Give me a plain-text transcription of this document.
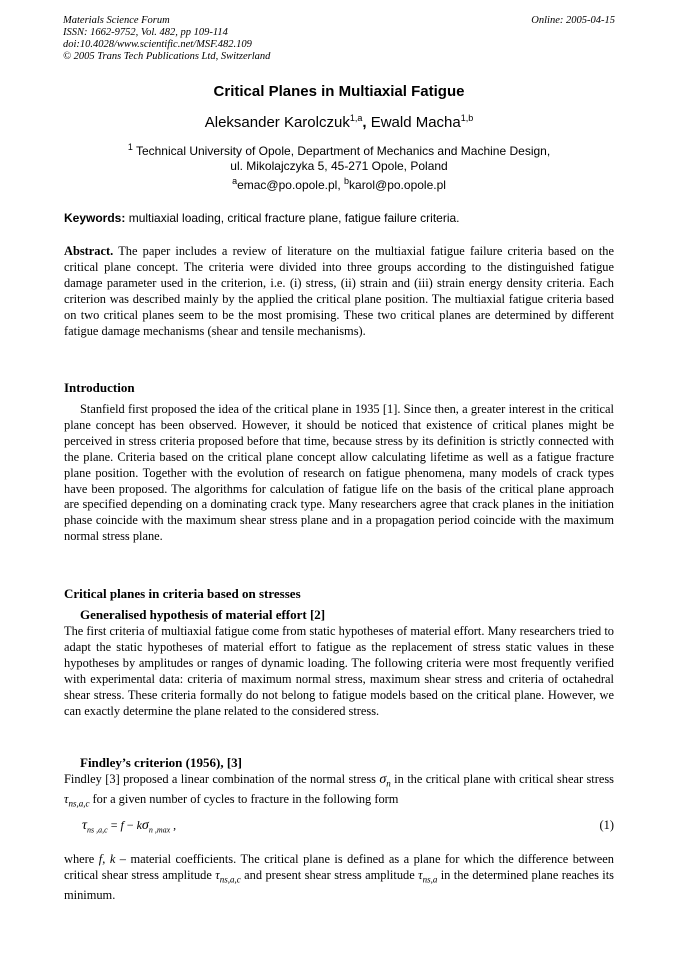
Materials Science Forum
ISSN: 1662-9752, Vol. 482, pp 109-114
doi:10.4028/www.scientific.net/MSF.482.109
© 2005 Trans Tech Publications Ltd, Switzerland
Online: 2005-04-15
Critical Planes in Multiaxial Fatigue
Aleksander Karolczuk$^{1,a}$, Ewald Macha$^{1,b}$
$^1$ Technical University of Opole, Department of Mechanics and Machine Design,
ul. Mikolajczyka 5, 45-271 Opole, Poland
$^a$emac@po.opole.pl, $^b$karol@po.opole.pl
Keywords: multiaxial loading, critical fracture plane, fatigue failure criteria.
Abstract. The paper includes a review of literature on the multiaxial fatigue failure criteria based on the critical plane concept. The criteria were divided into three groups according to the distinguished fatigue damage parameter used in the criterion, i.e. (i) stress, (ii) strain and (iii) strain energy density criteria. Each criterion was described mainly by the applied the critical plane position. The multiaxial fatigue criteria based on two critical planes seem to be the most promising. These two critical planes are determined by different fatigue damage mechanisms (shear and tensile mechanisms).
Introduction
Stanfield first proposed the idea of the critical plane in 1935 [1]. Since then, a greater interest in the critical plane concept has been observed. However, it should be noticed that existence of critical planes might be perceived in stress criteria proposed before that time, because stress by its definition is strictly connected with the plane. Criteria based on the critical plane concept allow calculating lifetime as well as a fatigue fracture plane position. Together with the evolution of research on fatigue phenomena, many models of crack types have been proposed. The algorithms for calculation of fatigue life on the basis of the critical plane approach are specified depending on a dominating crack type. Many researchers agree that crack planes in the initiation phase coincide with the maximum shear stress plane and in a propagation period coincide with the maximum normal stress plane.
Critical planes in criteria based on stresses
Generalised hypothesis of material effort [2]
The first criteria of multiaxial fatigue come from static hypotheses of material effort. Many researchers tried to adapt the static hypotheses of material effort to fatigue as the replacement of stress static values in these hypotheses by amplitudes or ranges of dynamic loading. The following criteria were most frequently verified with experimental data: criteria of maximum normal stress, maximum shear stress and criteria of octahedral shear stress. These criteria formally do not belong to fatigue models based on the critical plane. However, we can exactly determine the plane related to the considered stress.
Findley’s criterion (1956), [3]
Findley [3] proposed a linear combination of the normal stress $\sigma_n$ in the critical plane with critical shear stress $\tau_{ns,a,c}$ for a given number of cycles to fracture in the following form
$\tau_{ns ,a,c} = f - k\sigma_{n ,max}$ ,	(1)
where f, k – material coefficients. The critical plane is defined as a plane for which the difference between critical shear stress amplitude $\tau_{ns,a,c}$ and present shear stress amplitude $\tau_{ns,a}$ in the determined plane reaches its minimum.
